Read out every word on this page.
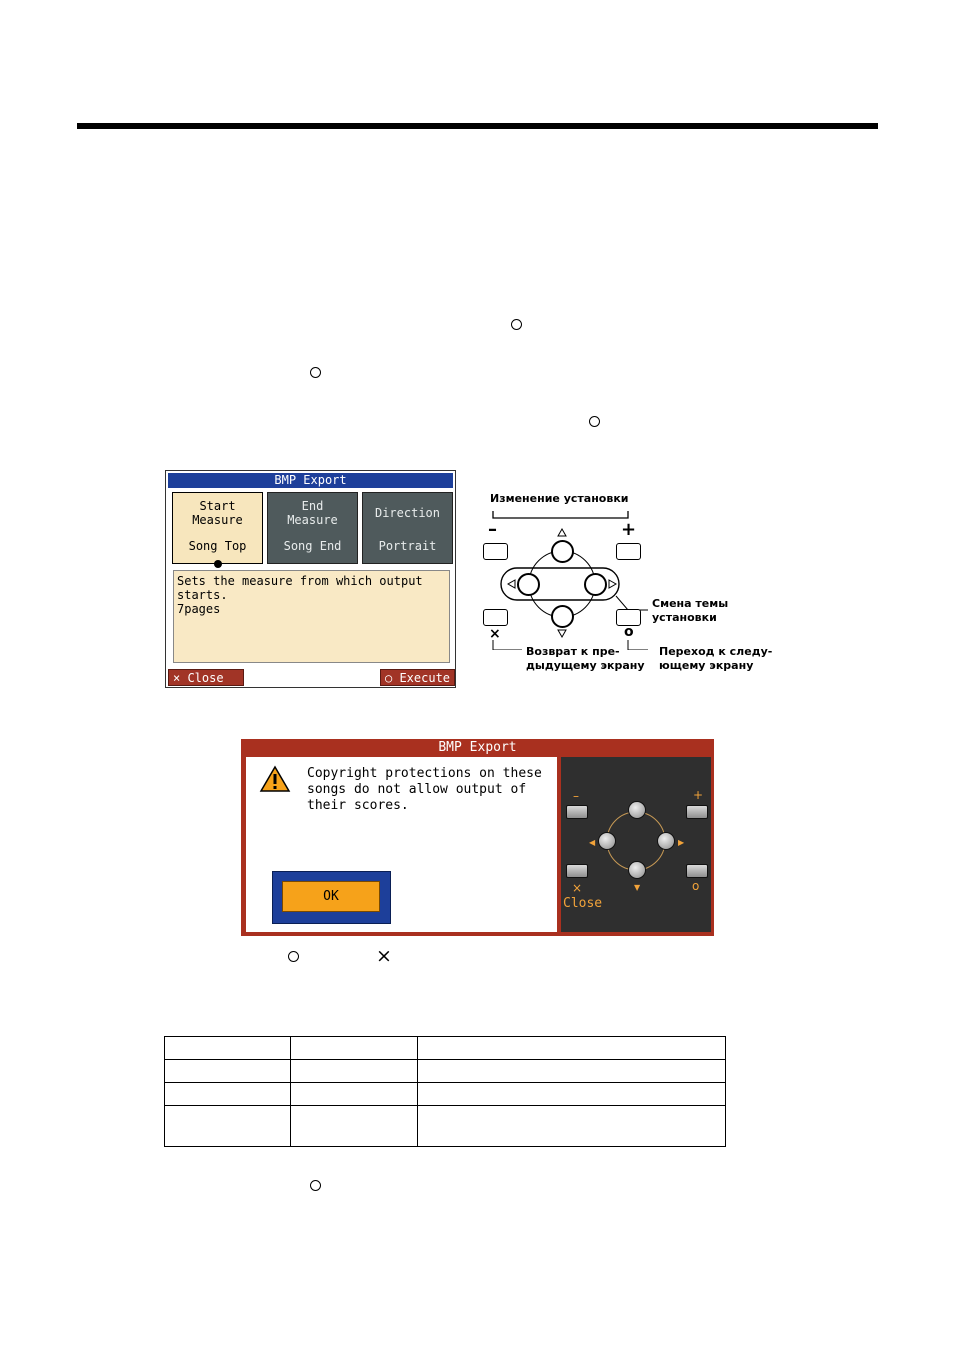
BMP Export
Start
Measure
Song Top
End
Measure
Song End
Direction
Portrait
Sets the measure from which output
starts.
7pages
× Close	○ Execute
Изменение установки
–	+
×	o
Смена темы
установки
Возврат к пре-
дыдущему экрану
Переход к следу-
ющему экрану
BMP Export
Copyright protections on these
songs do not allow output of
their scores.
OK
–	+
▼
◀	▶
×	o
Close
×
